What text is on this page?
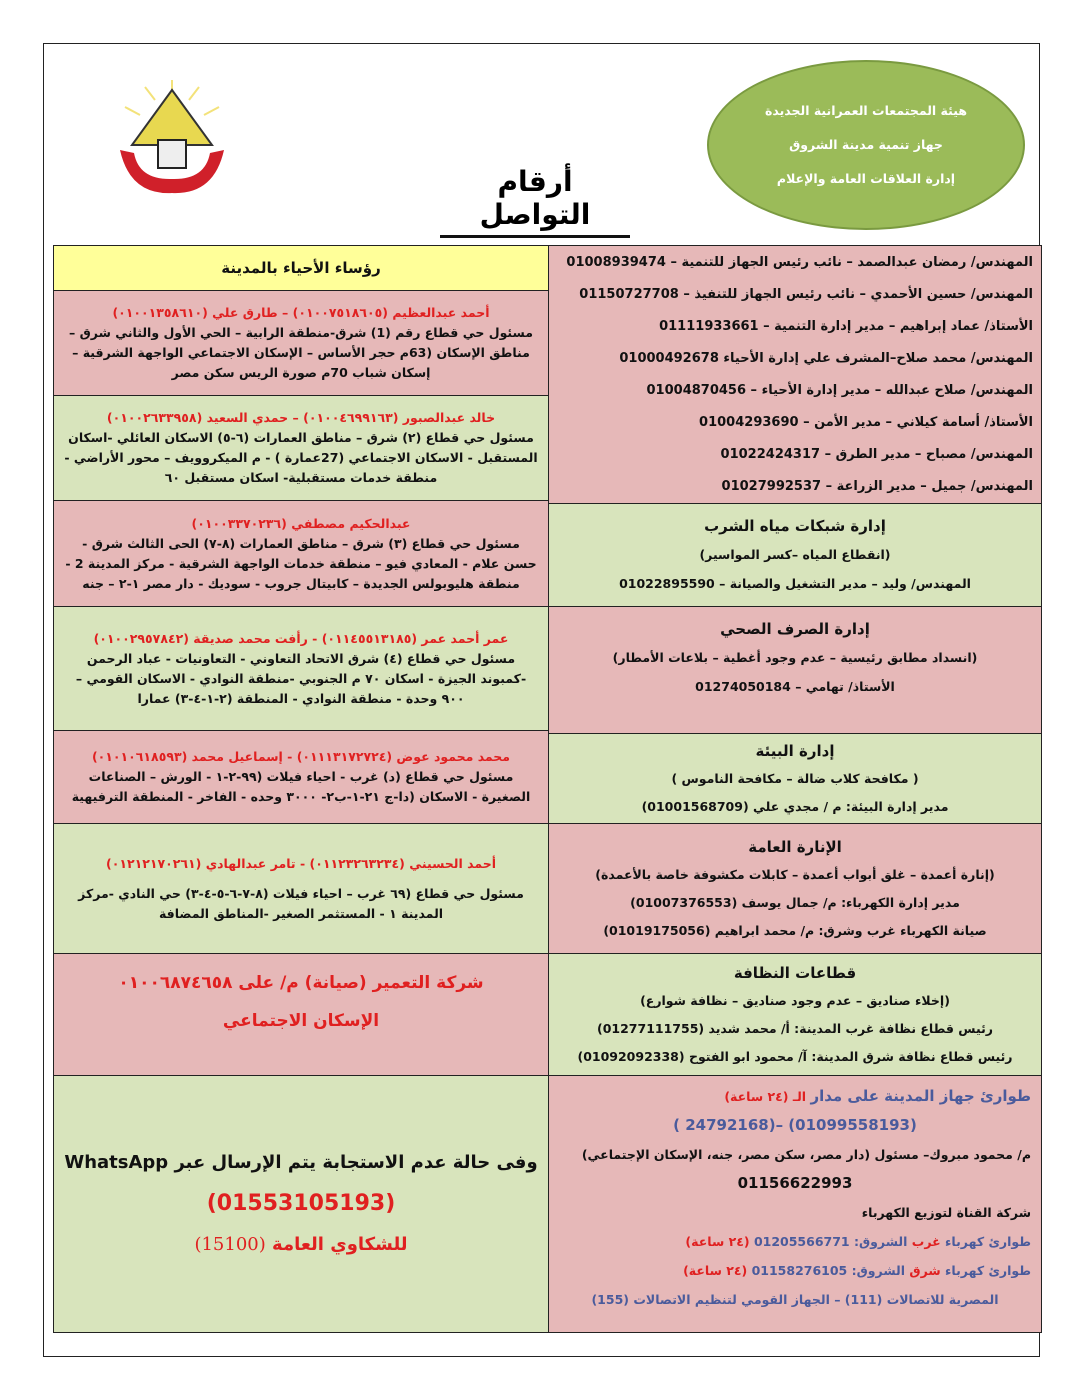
هيئة المجتمعات العمرانية الجديدة
جهاز تنمية مدينة الشروق
إدارة العلاقات العامة والإعلام
أرقام التواصل
المهندس/ رمضان عبدالصمد – نائب رئيس الجهاز للتنمية – 01008939474
المهندس/ حسين الأحمدي – نائب رئيس الجهاز للتنفيذ – 01150727708
الأستاذ/ عماد إبراهيم – مدير إدارة التنمية – 01111933661
المهندس/ محمد صلاح–المشرف علي إدارة الأحياء 01000492678
المهندس/ صلاح عبدالله – مدير إدارة الأحياء – 01004870456
الأستاذ/ أسامة كيلاني – مدير الأمن – 01004293690
المهندس/ مصباح – مدير الطرق – 01022424317
المهندس/ جميل – مدير الزراعة – 01027992537
إدارة شبكات مياه الشرب
(انقطاع المياه –كسر المواسير)
المهندس/ وليد – مدير التشغيل والصيانة – 01022895590
إدارة الصرف الصحي
(انسداد مطابق رئيسية – عدم وجود أغطية – بلاعات الأمطار)
الأستاذ/ تهامي – 01274050184
إدارة البيئة
( مكافحة كلاب ضالة – مكافحة الناموس )
مدير إدارة البيئة: م / مجدي علي (01001568709)
الإنارة العامة
(إنارة أعمدة – غلق أبواب أعمدة – كابلات مكشوفة خاصة بالأعمدة)
مدير إدارة الكهرباء: م/ جمال يوسف (01007376553)
صيانة الكهرباء غرب وشرق: م/ محمد ابراهيم (01019175056)
قطاعات النظافة
(إخلاء صناديق – عدم وجود صناديق – نظافة شوارع)
رئيس قطاع نظافة غرب المدينة: أ/ محمد شديد (01277111755)
رئيس قطاع نظافة شرق المدينة: آ/ محمود ابو الفتوح (01092092338)
طوارئ جهاز المدينة على مدار الـ (٢٤ ساعة)
(01099558193) –(24792168 )
م/ محمود مبروك– مسئول (دار مصر، سكن مصر، جنه، الإسكان الإجتماعي)
01156622993
شركة القناة لتوزيع الكهرباء
طوارئ كهرباء غرب الشروق: 01205566771 (٢٤ ساعة)
طوارئ كهرباء شرق الشروق: 01158276105 (٢٤ ساعة)
المصرية للاتصالات (111) – الجهاز القومي لتنظيم الاتصالات (155)
رؤساء الأحياء بالمدينة
أحمد عبدالعظيم (٠١٠٠٧٥١٨٦٠٥) – طارق علي (٠١٠٠١٣٥٨٦١٠)
مسئول حي قطاع رقم (1) شرق-منطقة الرابية – الحي الأول والثاني شرق – مناطق الإسكان (63م حجر الأساس – الإسكان الاجتماعي الواجهة الشرقية – إسكان شباب 70م صورة الريس سكن مصر
خالد عبدالصبور (٠١٠٠٤٦٩٩١٦٣) – حمدي السعيد (٠١٠٠٢٦٣٣٩٥٨)
مسئول حي قطاع (٢) شرق – مناطق العمارات (٦-٥) الاسكان العائلي -اسكان المستقبل - الاسكان الاجتماعي (27عمارة ) - م الميكروويف – محور الأراضي - منطقة خدمات مستقبلية- اسكان مستقبل ٦٠
عبدالحكيم مصطفي (٠١٠٠٣٣٧٠٢٣٦)
مسئول حي قطاع (٣) شرق – مناطق العمارات (٨-٧) الحى الثالث شرق - حسن علام - المعادي فيو – منطقة خدمات الواجهة الشرقية - مركز المدينة 2 - منطقة هليوبولس الجديدة – كابيتال جروب - سوديك - دار مصر ١-٢ – جنه
عمر أحمد عمر (٠١١٤٥٥١٣١٨٥) - رأفت محمد صديقة (٠١٠٠٢٩٥٧٨٤٢)
مسئول حي قطاع (٤) شرق الاتحاد التعاوني - التعاونيات - عباد الرحمن -كمبوند الجيزة - اسكان ٧٠ م الجنوبي -منطقة النوادي - الاسكان القومي – ٩٠٠ وحدة - منطقة النوادي - المنطقة (٢-١-٤-٣) عمارا
محمد محمود عوض (٠١١١٣١٧٢٧٢٤) - إسماعيل محمد (٠١٠١٠٦١٨٥٩٣)
مسئول حي قطاع (د) غرب - احياء فيلات (٩٩-٢-١ - الورش – الصناعات الصغيرة - الاسكان (دا-ج ٢١-١-ب٢- ٣٠٠٠ وحده - الفاخر - المنطقة الترفيهية
أحمد الحسيني (٠١١٢٣٢٦٣٢٣٤) - تامر عبدالهادي (٠١٢١٢١٧٠٢٦١)
مسئول حي قطاع (٦٩ غرب – احياء فيلات (٨-٧-٦-٥-٤-٣) حي النادي -مركز المدينة ١ - المستثمر الصغير -المناطق المضافة
شركة التعمير (صيانة) م/ على ٠١٠٠٦٨٧٤٦٥٨
الإسكان الاجتماعي
وفى حالة عدم الاستجابة يتم الإرسال عبر WhatsApp
(01553105193)
للشكاوي العامة (15100)
